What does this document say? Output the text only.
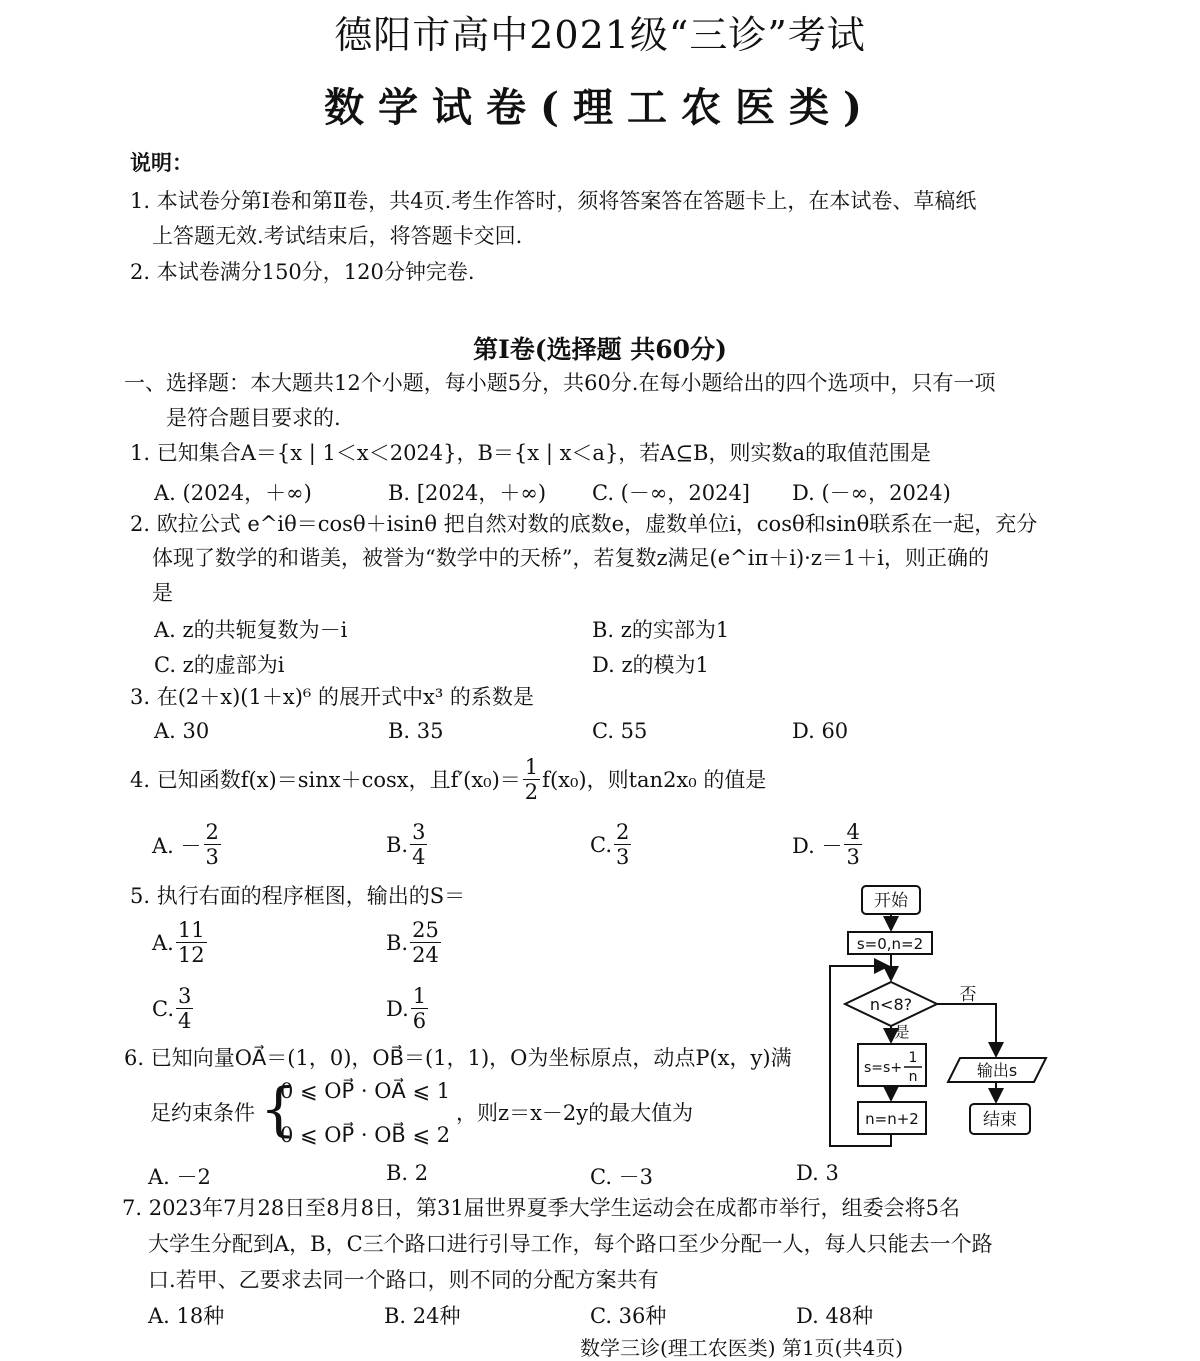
德阳市高中2021级“三诊”考试
数学试卷(理工农医类)
说明：
1. 本试卷分第Ⅰ卷和第Ⅱ卷，共4页.考生作答时，须将答案答在答题卡上，在本试卷、草稿纸
上答题无效.考试结束后，将答题卡交回.
2. 本试卷满分150分，120分钟完卷.
第Ⅰ卷(选择题 共60分)
一、选择题：本大题共12个小题，每小题5分，共60分.在每小题给出的四个选项中，只有一项
是符合题目要求的.
1. 已知集合A＝{x | 1＜x＜2024}，B＝{x | x＜a}，若A⊆B，则实数a的取值范围是
A. (2024，＋∞)	B. [2024，＋∞) C. (－∞，2024] D. (－∞，2024)
2. 欧拉公式 e^iθ＝cosθ＋isinθ 把自然对数的底数e，虚数单位i，cosθ和sinθ联系在一起，充分
体现了数学的和谐美，被誉为“数学中的天桥”，若复数z满足(e^iπ＋i)·z＝1＋i，则正确的
是
A. z的共轭复数为－i	B. z的实部为1
C. z的虚部为i	D. z的模为1
3. 在(2＋x)(1＋x)⁶ 的展开式中x³ 的系数是
A. 30	B. 35	C. 55	D. 60
4. 已知函数f(x)＝sinx＋cosx，且$f'(x_0)= \frac{1}{2} f(x_0)$，则tan2x₀ 的值是
A. － $\frac{2}{3}$	B. $\frac{3}{4}$	C. $\frac{2}{3}$	D. － $\frac{4}{3}$
5. 执行右面的程序框图，输出的S＝
A. $\frac{11}{12}$	B. $\frac{25}{24}$
C. $\frac{3}{4}$	D. $\frac{1}{6}$
开始
s=0,n=2
n<8?	否
是
s=s+
1
n
n=n+2
输出s
结束
6. 已知向量OA⃗＝(1，0)，OB⃗＝(1，1)，O为坐标原点，动点P(x，y)满
足约束条件 {
0 ⩽ OP⃗ · OA⃗ ⩽ 1
0 ⩽ OP⃗ · OB⃗ ⩽ 2
，则z＝x－2y的最大值为
A. －2	B. 2	C. －3	D. 3
7. 2023年7月28日至8月8日，第31届世界夏季大学生运动会在成都市举行，组委会将5名
大学生分配到A，B，C三个路口进行引导工作，每个路口至少分配一人，每人只能去一个路
口.若甲、乙要求去同一个路口，则不同的分配方案共有
A. 18种	B. 24种	C. 36种	D. 48种
数学三诊(理工农医类) 第1页(共4页)
